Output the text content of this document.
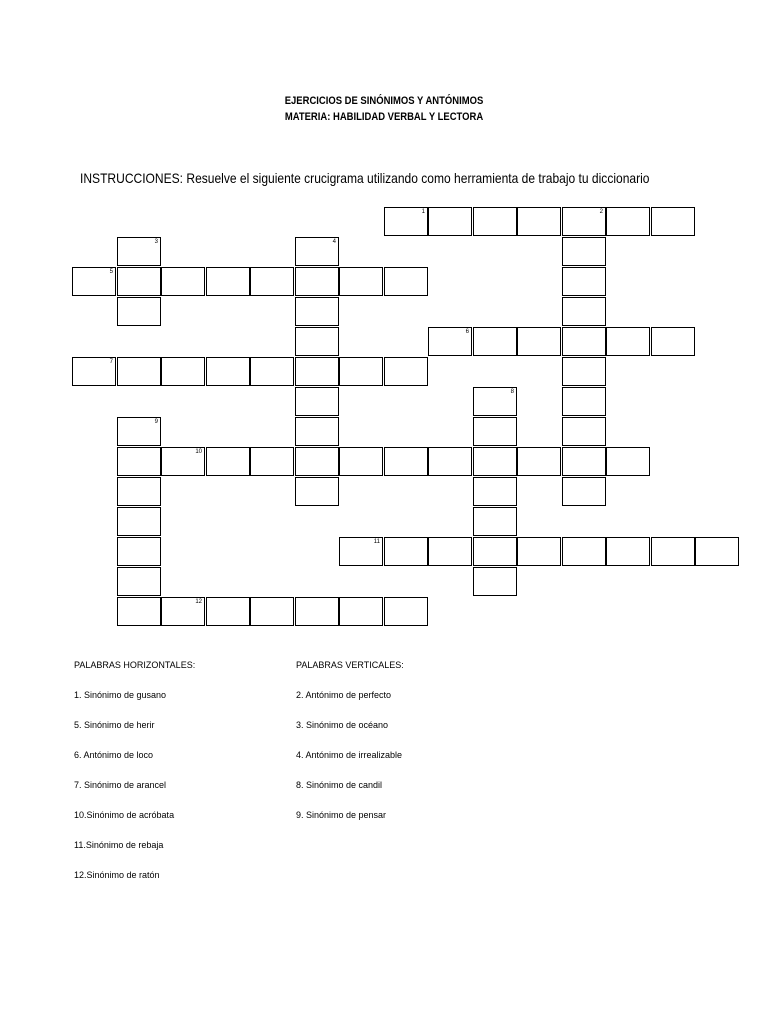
EJERCICIOS DE SINÓNIMOS Y ANTÓNIMOS
MATERIA: HABILIDAD VERBAL Y LECTORA
INSTRUCCIONES: Resuelve el siguiente crucigrama utilizando como herramienta de trabajo tu diccionario
1	2
3	4
5
6
7
8
9
10
11
12
PALABRAS HORIZONTALES:
1. Sinónimo de gusano
5. Sinónimo de herir
6. Antónimo de loco
7. Sinónimo de arancel
10.Sinónimo de acróbata
11.Sinónimo de rebaja
12.Sinónimo de ratón
PALABRAS VERTICALES:
2. Antónimo de perfecto
3. Sinónimo de océano
4. Antónimo de irrealizable
8. Sinónimo de candil
9. Sinónimo de pensar
